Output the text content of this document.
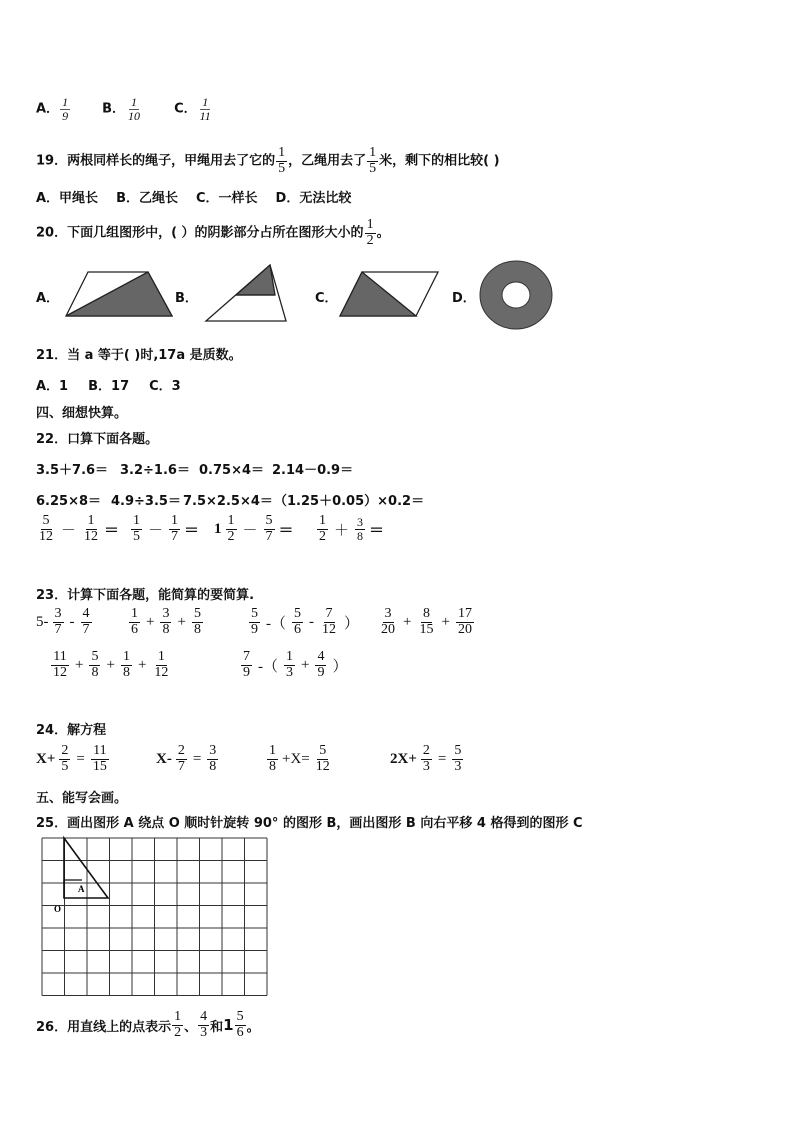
A． $\frac{1}{9}$ B． $\frac{1}{10}$ C． $\frac{1}{11}$
19．两根同样长的绳子，甲绳用去了它的 $\frac{1}{5}$ ，乙绳用去了 $\frac{1}{5}$ 米，剩下的相比较( )
A．甲绳长 B．乙绳长 C．一样长 D．无法比较
20．下面几组图形中，( ）的阴影部分占所在图形大小的 $\frac{1}{2}$ 。
A．	B．	C．	D．
21．当 a 等于( )时,17a 是质数。
A．1 B．17 C．3
四、细想快算。
22．口算下面各题。
3.5＋7.6＝ 3.2÷1.6＝ 0.75×4＝ 2.14－0.9＝
6.25×8＝ 4.9÷3.5＝ 7.5×2.5×4＝ （1.25＋0.05）×0.2＝
$\frac{5}{12} - \frac{1}{12} = \frac{1}{5} - \frac{1}{7} = 1 \frac{1}{2} - \frac{5}{7} = \frac{1}{2} + \frac{3}{8}$ ＝
23．计算下面各题，能简算的要简算.
$5- \frac{3}{7} - \frac{4}{7}$	$\frac{1}{6} + \frac{3}{8} + \frac{5}{8}$	$\frac{5}{9}$ -（ $\frac{5}{6} - \frac{7}{12}$ ） $\frac{3}{20} + \frac{8}{15} + \frac{17}{20}$
$\frac{11}{12} + \frac{5}{8} + \frac{1}{8} + \frac{1}{12}$	$\frac{7}{9}$ -（ $\frac{1}{3} + \frac{4}{9}$ ）
24．解方程
$X+ \frac{2}{5} = \frac{11}{15}$	$X- \frac{2}{7} = \frac{3}{8}$	$\frac{1}{8} +X= \frac{5}{12}$	$2X+ \frac{2}{3} = \frac{5}{3}$
五、能写会画。
25．画出图形 A 绕点 O 顺时针旋转 90° 的图形 B，画出图形 B 向右平移 4 格得到的图形 C
A
O
26．用直线上的点表示 $\frac{1}{2}$ 、 $\frac{4}{3}$ 和 $1 \frac{5}{6}$ 。
